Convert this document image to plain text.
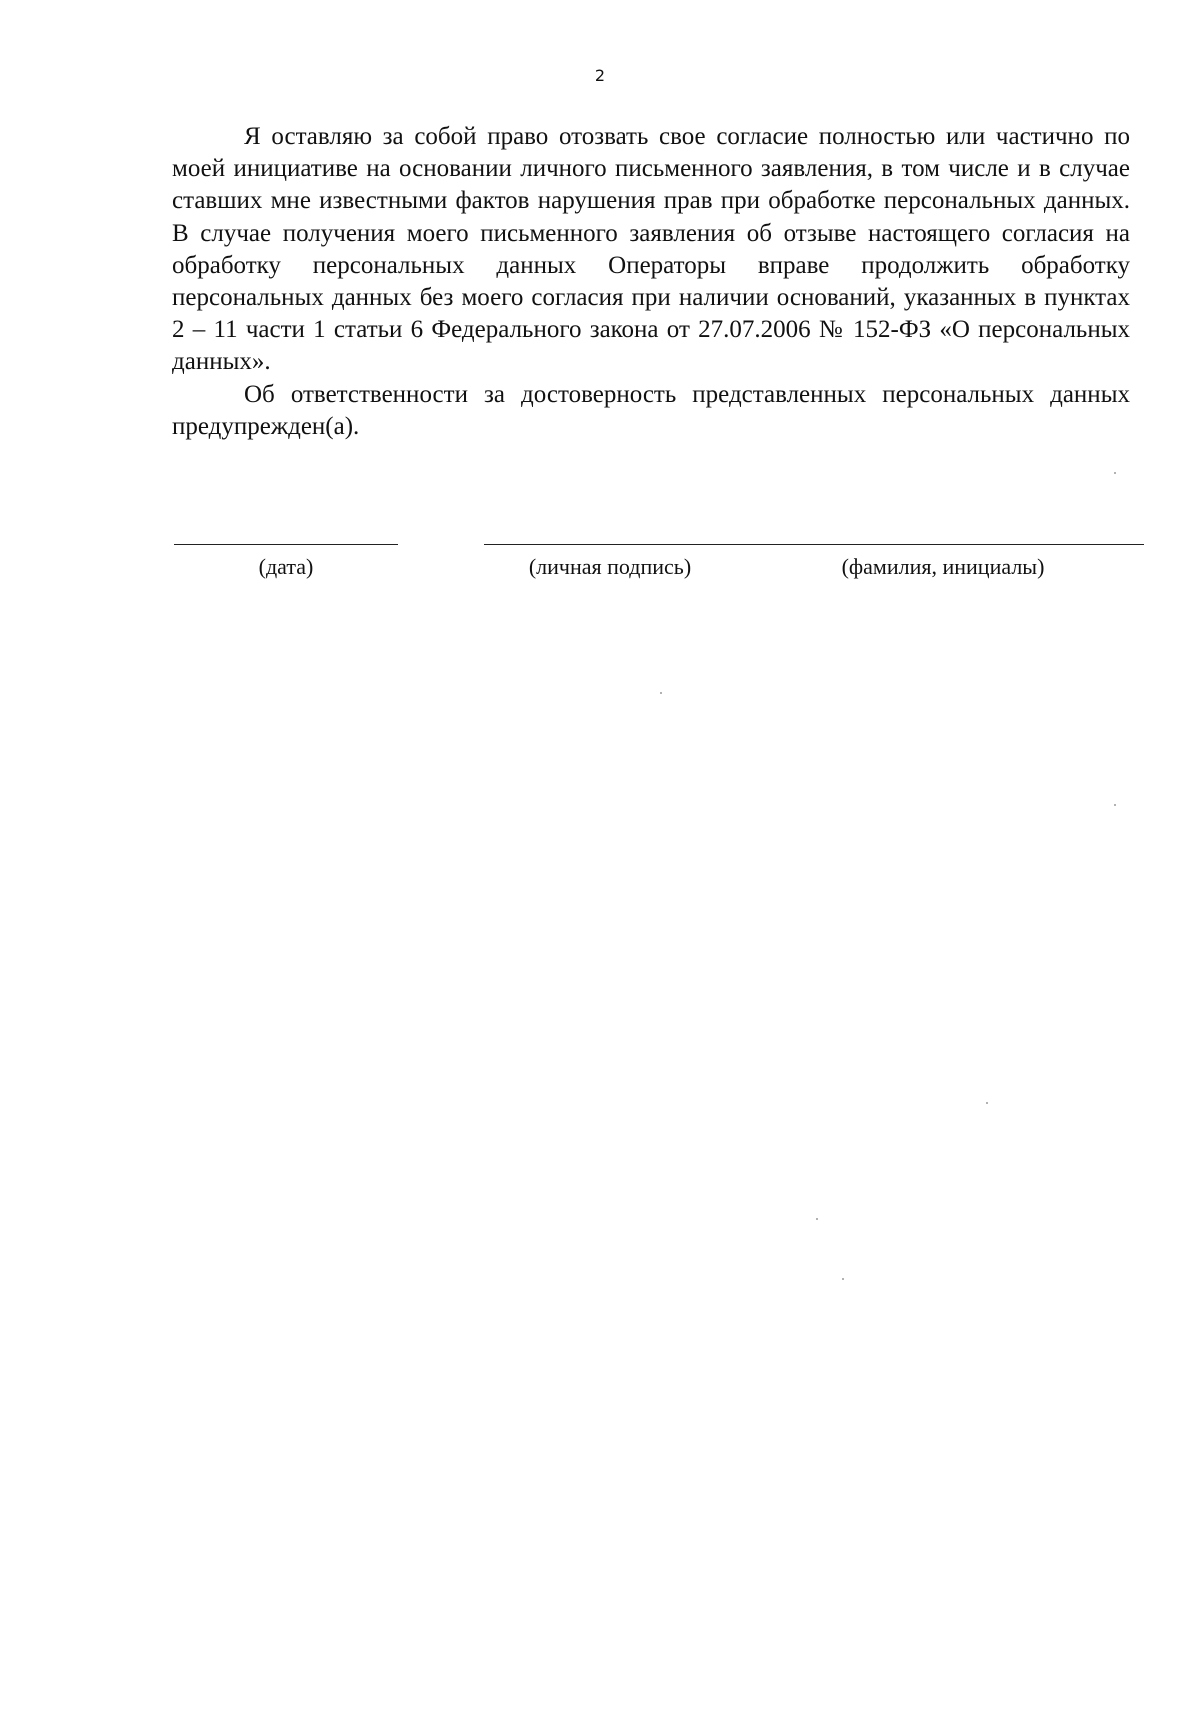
2

Я оставляю за собой право отозвать свое согласие полностью или частично по моей инициативе на основании личного письменного заявления, в том числе и в случае ставших мне известными фактов нарушения прав при обработке персональных данных. В случае получения моего письменного заявления об отзыве настоящего согласия на обработку персональных данных Операторы вправе продолжить обработку персональных данных без моего согласия при наличии оснований, указанных в пунктах 2 – 11 части 1 статьи 6 Федерального закона от 27.07.2006 № 152-ФЗ «О персональных данных».

Об ответственности за достоверность представленных персональных данных предупрежден(а).

(дата)	(личная подпись)	(фамилия, инициалы)
